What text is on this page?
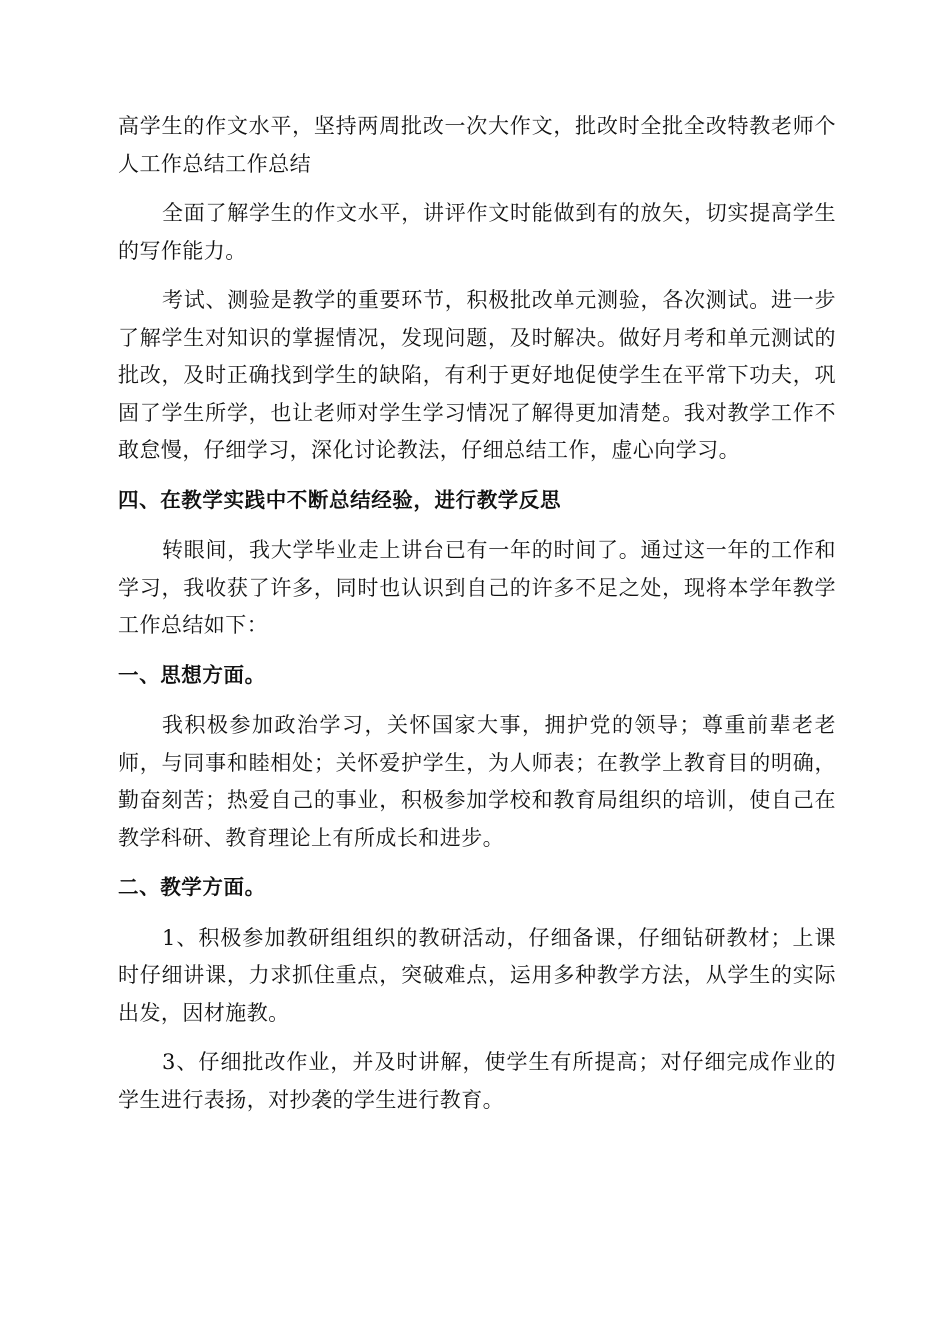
高学生的作文水平，坚持两周批改一次大作文，批改时全批全改特教老师个人工作总结工作总结

全面了解学生的作文水平，讲评作文时能做到有的放矢，切实提高学生的写作能力。

考试、测验是教学的重要环节，积极批改单元测验，各次测试。进一步了解学生对知识的掌握情况，发现问题，及时解决。做好月考和单元测试的批改，及时正确找到学生的缺陷，有利于更好地促使学生在平常下功夫，巩固了学生所学，也让老师对学生学习情况了解得更加清楚。我对教学工作不敢怠慢，仔细学习，深化讨论教法，仔细总结工作，虚心向学习。

四、在教学实践中不断总结经验，进行教学反思

转眼间，我大学毕业走上讲台已有一年的时间了。通过这一年的工作和学习，我收获了许多，同时也认识到自己的许多不足之处，现将本学年教学工作总结如下：

一、思想方面。

我积极参加政治学习，关怀国家大事，拥护党的领导；尊重前辈老老师，与同事和睦相处；关怀爱护学生，为人师表；在教学上教育目的明确，勤奋刻苦；热爱自己的事业，积极参加学校和教育局组织的培训，使自己在教学科研、教育理论上有所成长和进步。

二、教学方面。

1、积极参加教研组组织的教研活动，仔细备课，仔细钻研教材；上课时仔细讲课，力求抓住重点，突破难点，运用多种教学方法，从学生的实际出发，因材施教。

3、仔细批改作业，并及时讲解，使学生有所提高；对仔细完成作业的学生进行表扬，对抄袭的学生进行教育。
